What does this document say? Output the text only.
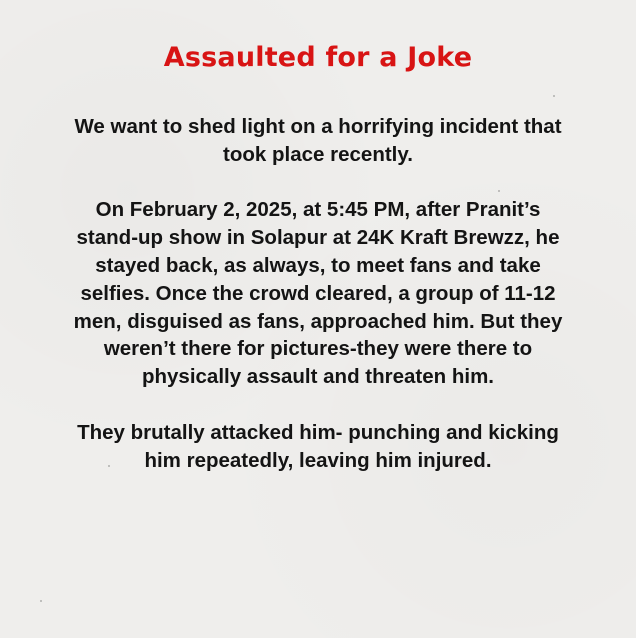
Assaulted for a Joke

We want to shed light on a horrifying incident that took place recently.

On February 2, 2025, at 5:45 PM, after Pranit’s stand-up show in Solapur at 24K Kraft Brewzz, he stayed back, as always, to meet fans and take selfies. Once the crowd cleared, a group of 11-12 men, disguised as fans, approached him. But they weren’t there for pictures-they were there to physically assault and threaten him.

They brutally attacked him- punching and kicking him repeatedly, leaving him injured.
